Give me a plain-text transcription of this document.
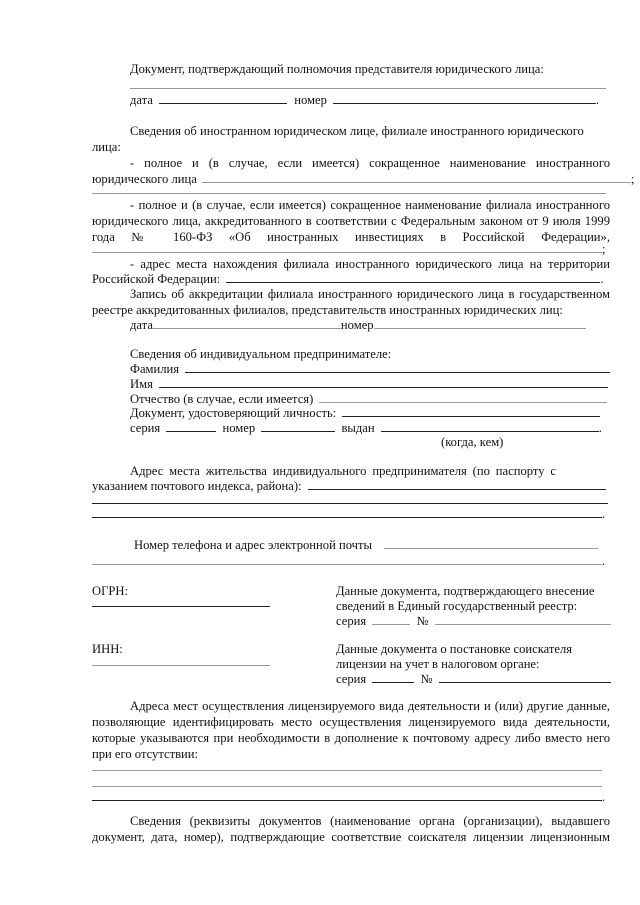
Документ, подтверждающий полномочия представителя юридического лица:
дата	номер	.
Сведения об иностранном юридическом лице, филиале иностранного юридического
лица:
- полное и (в случае, если имеется) сокращенное наименование иностранного
юридического лица	;
- полное и (в случае, если имеется) сокращенное наименование филиала иностранного
юридического лица, аккредитованного в соответствии с Федеральным законом от 9 июля 1999
года № 160-ФЗ «Об иностранных инвестициях в Российской Федерации»,
;
- адрес места нахождения филиала иностранного юридического лица на территории
Российской Федерации:	.
Запись об аккредитации филиала иностранного юридического лица в государственном
реестре аккредитованных филиалов, представительств иностранных юридических лиц:
дата	номер
Сведения об индивидуальном предпринимателе:
Фамилия
Имя
Отчество (в случае, если имеется)
Документ, удостоверяющий личность:
серия	номер	выдан	.
(когда, кем)
Адрес места жительства индивидуального предпринимателя (по паспорту с
указанием почтового индекса, района):
.
Номер телефона и адрес электронной почты
.
ОГРН:	Данные документа, подтверждающего внесение
сведений в Единый государственный реестр:
серия	№
ИНН:	Данные документа о постановке соискателя
лицензии на учет в налоговом органе:
серия	№
Адреса мест осуществления лицензируемого вида деятельности и (или) другие данные,
позволяющие идентифицировать место осуществления лицензируемого вида деятельности,
которые указываются при необходимости в дополнение к почтовому адресу либо вместо него
при его отсутствии:
.
Сведения (реквизиты документов (наименование органа (организации), выдавшего
документ, дата, номер), подтверждающие соответствие соискателя лицензии лицензионным
